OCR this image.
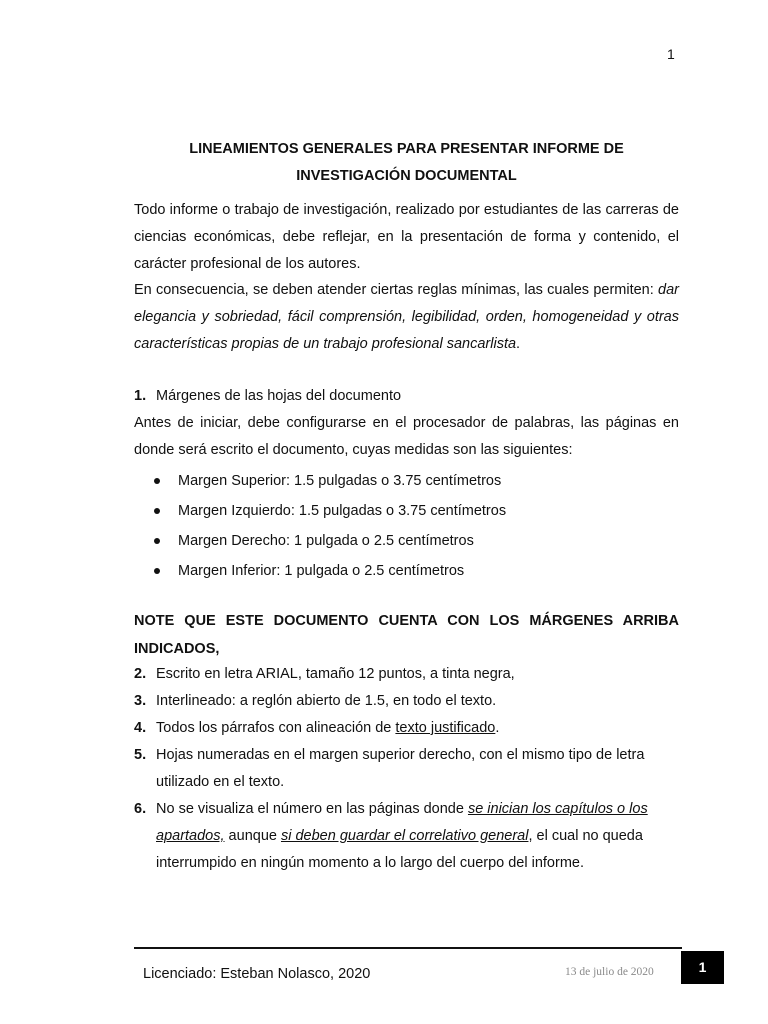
1
LINEAMIENTOS GENERALES PARA PRESENTAR INFORME DE
INVESTIGACIÓN DOCUMENTAL
Todo informe o trabajo de investigación, realizado por estudiantes de las carreras de ciencias económicas, debe reflejar, en la presentación de forma y contenido, el carácter profesional de los autores.
En consecuencia, se deben atender ciertas reglas mínimas, las cuales permiten: dar elegancia y sobriedad, fácil comprensión, legibilidad, orden, homogeneidad y otras características propias de un trabajo profesional sancarlista.
1. Márgenes de las hojas del documento
Antes de iniciar, debe configurarse en el procesador de palabras, las páginas en donde será escrito el documento, cuyas medidas son las siguientes:
Margen Superior: 1.5 pulgadas o 3.75 centímetros
Margen Izquierdo: 1.5 pulgadas o 3.75 centímetros
Margen Derecho: 1 pulgada o 2.5 centímetros
Margen Inferior: 1 pulgada o 2.5 centímetros
NOTE QUE ESTE DOCUMENTO CUENTA CON LOS MÁRGENES ARRIBA INDICADOS,
2. Escrito en letra ARIAL, tamaño 12 puntos, a tinta negra,
3. Interlineado: a reglón abierto de 1.5, en todo el texto.
4. Todos los párrafos con alineación de texto justificado.
5. Hojas numeradas en el margen superior derecho, con el mismo tipo de letra utilizado en el texto.
6. No se visualiza el número en las páginas donde se inician los capítulos o los apartados, aunque si deben guardar el correlativo general, el cual no queda interrumpido en ningún momento a lo largo del cuerpo del informe.
Licenciado: Esteban Nolasco, 2020	13 de julio de 2020	1
